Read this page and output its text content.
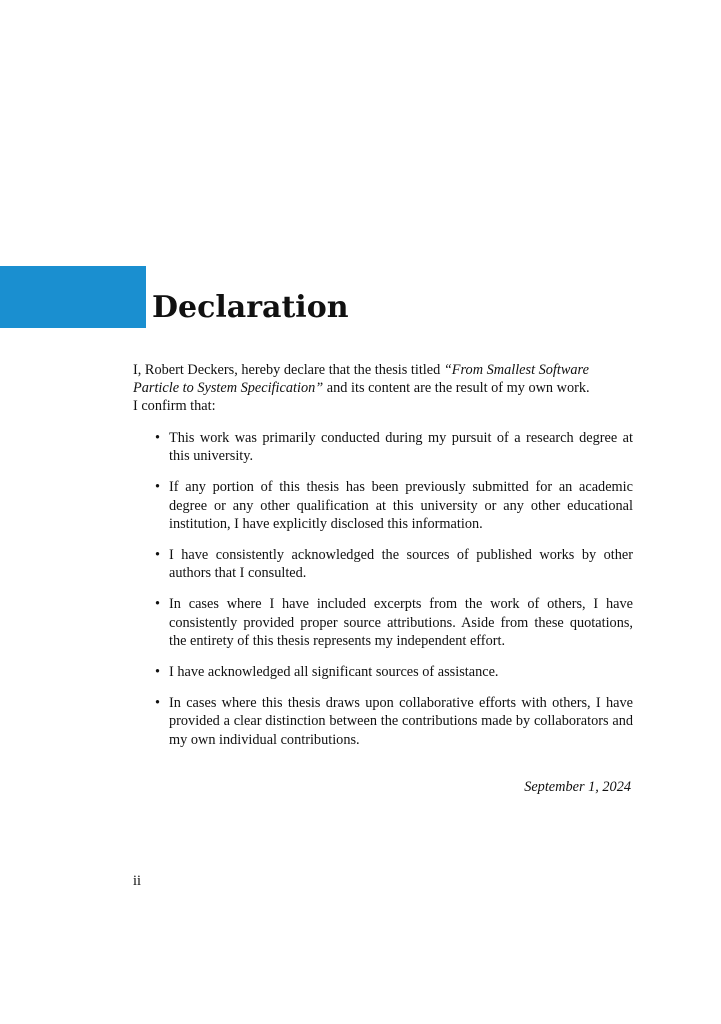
Declaration

I, Robert Deckers, hereby declare that the thesis titled “From Smallest Software Particle to System Specification” and its content are the result of my own work.
I confirm that:

• This work was primarily conducted during my pursuit of a research degree at this university.
• If any portion of this thesis has been previously submitted for an academic degree or any other qualification at this university or any other educational institution, I have explicitly disclosed this information.
• I have consistently acknowledged the sources of published works by other authors that I consulted.
• In cases where I have included excerpts from the work of others, I have consistently provided proper source attributions. Aside from these quotations, the entirety of this thesis represents my independent effort.
• I have acknowledged all significant sources of assistance.
• In cases where this thesis draws upon collaborative efforts with others, I have provided a clear distinction between the contributions made by collaborators and my own individual contributions.
September 1, 2024
ii
